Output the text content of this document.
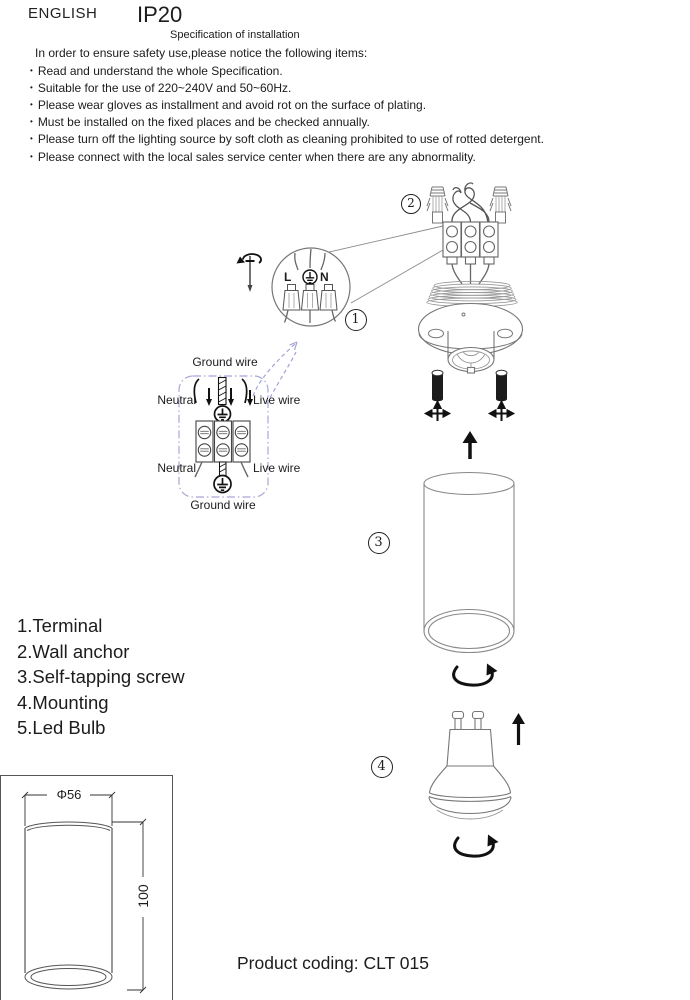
ENGLISH IP20
Specification of installation
In order to ensure safety use,please notice the following items:
• Read and understand the whole Specification.
• Suitable for the use of 220~240V and 50~60Hz.
• Please wear gloves as installment and avoid rot on the surface of plating.
• Must be installed on the fixed places and be checked annually.
• Please turn off the lighting source by soft cloth as cleaning prohibited to use of rotted detergent.
• Please connect with the local sales service center when there are any abnormality.
2
1
3
4
L N
Ground wire
Neutral	Live wire
Neutral	Live wire
Ground wire
1.Terminal
2.Wall anchor
3.Self-tapping screw
4.Mounting
5.Led Bulb
Φ56
100
Product coding: CLT 015
